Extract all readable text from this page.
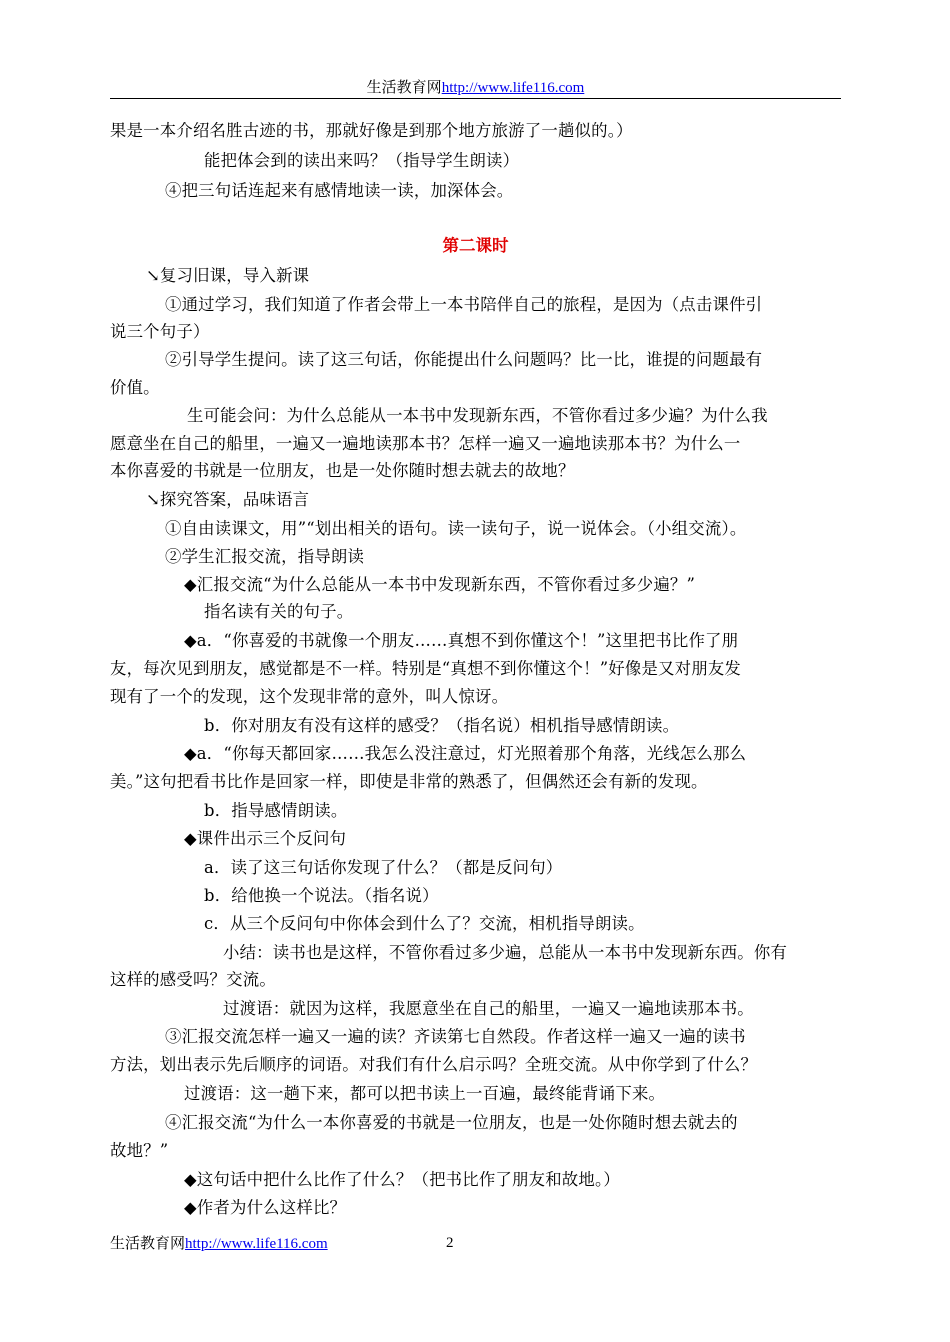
生活教育网http://www.life116.com
果是一本介绍名胜古迹的书，那就好像是到那个地方旅游了一趟似的。）
能把体会到的读出来吗？（指导学生朗读）
④把三句话连起来有感情地读一读，加深体会。
第二课时
↘复习旧课，导入新课
①通过学习，我们知道了作者会带上一本书陪伴自己的旅程，是因为（点击课件引
说三个句子）
②引导学生提问。读了这三句话，你能提出什么问题吗？比一比，谁提的问题最有
价值。
生可能会问：为什么总能从一本书中发现新东西，不管你看过多少遍？为什么我
愿意坐在自己的船里，一遍又一遍地读那本书？怎样一遍又一遍地读那本书？为什么一
本你喜爱的书就是一位朋友，也是一处你随时想去就去的故地？
↘探究答案，品味语言
①自由读课文，用”“划出相关的语句。读一读句子，说一说体会。（小组交流）。
②学生汇报交流，指导朗读
◆汇报交流“为什么总能从一本书中发现新东西，不管你看过多少遍？”
指名读有关的句子。
◆a．“你喜爱的书就像一个朋友……真想不到你懂这个！”这里把书比作了朋
友，每次见到朋友，感觉都是不一样。特别是“真想不到你懂这个！”好像是又对朋友发
现有了一个的发现，这个发现非常的意外，叫人惊讶。
b．你对朋友有没有这样的感受？（指名说）相机指导感情朗读。
◆a．“你每天都回家……我怎么没注意过，灯光照着那个角落，光线怎么那么
美。”这句把看书比作是回家一样，即使是非常的熟悉了，但偶然还会有新的发现。
b．指导感情朗读。
◆课件出示三个反问句
a．读了这三句话你发现了什么？（都是反问句）
b．给他换一个说法。（指名说）
c．从三个反问句中你体会到什么了？交流，相机指导朗读。
小结：读书也是这样，不管你看过多少遍，总能从一本书中发现新东西。你有
这样的感受吗？交流。
过渡语：就因为这样，我愿意坐在自己的船里，一遍又一遍地读那本书。
③汇报交流怎样一遍又一遍的读？齐读第七自然段。作者这样一遍又一遍的读书
方法，划出表示先后顺序的词语。对我们有什么启示吗？全班交流。从中你学到了什么？
过渡语：这一趟下来，都可以把书读上一百遍，最终能背诵下来。
④汇报交流“为什么一本你喜爱的书就是一位朋友，也是一处你随时想去就去的
故地？”
◆这句话中把什么比作了什么？（把书比作了朋友和故地。）
◆作者为什么这样比？
生活教育网http://www.life116.com	2
